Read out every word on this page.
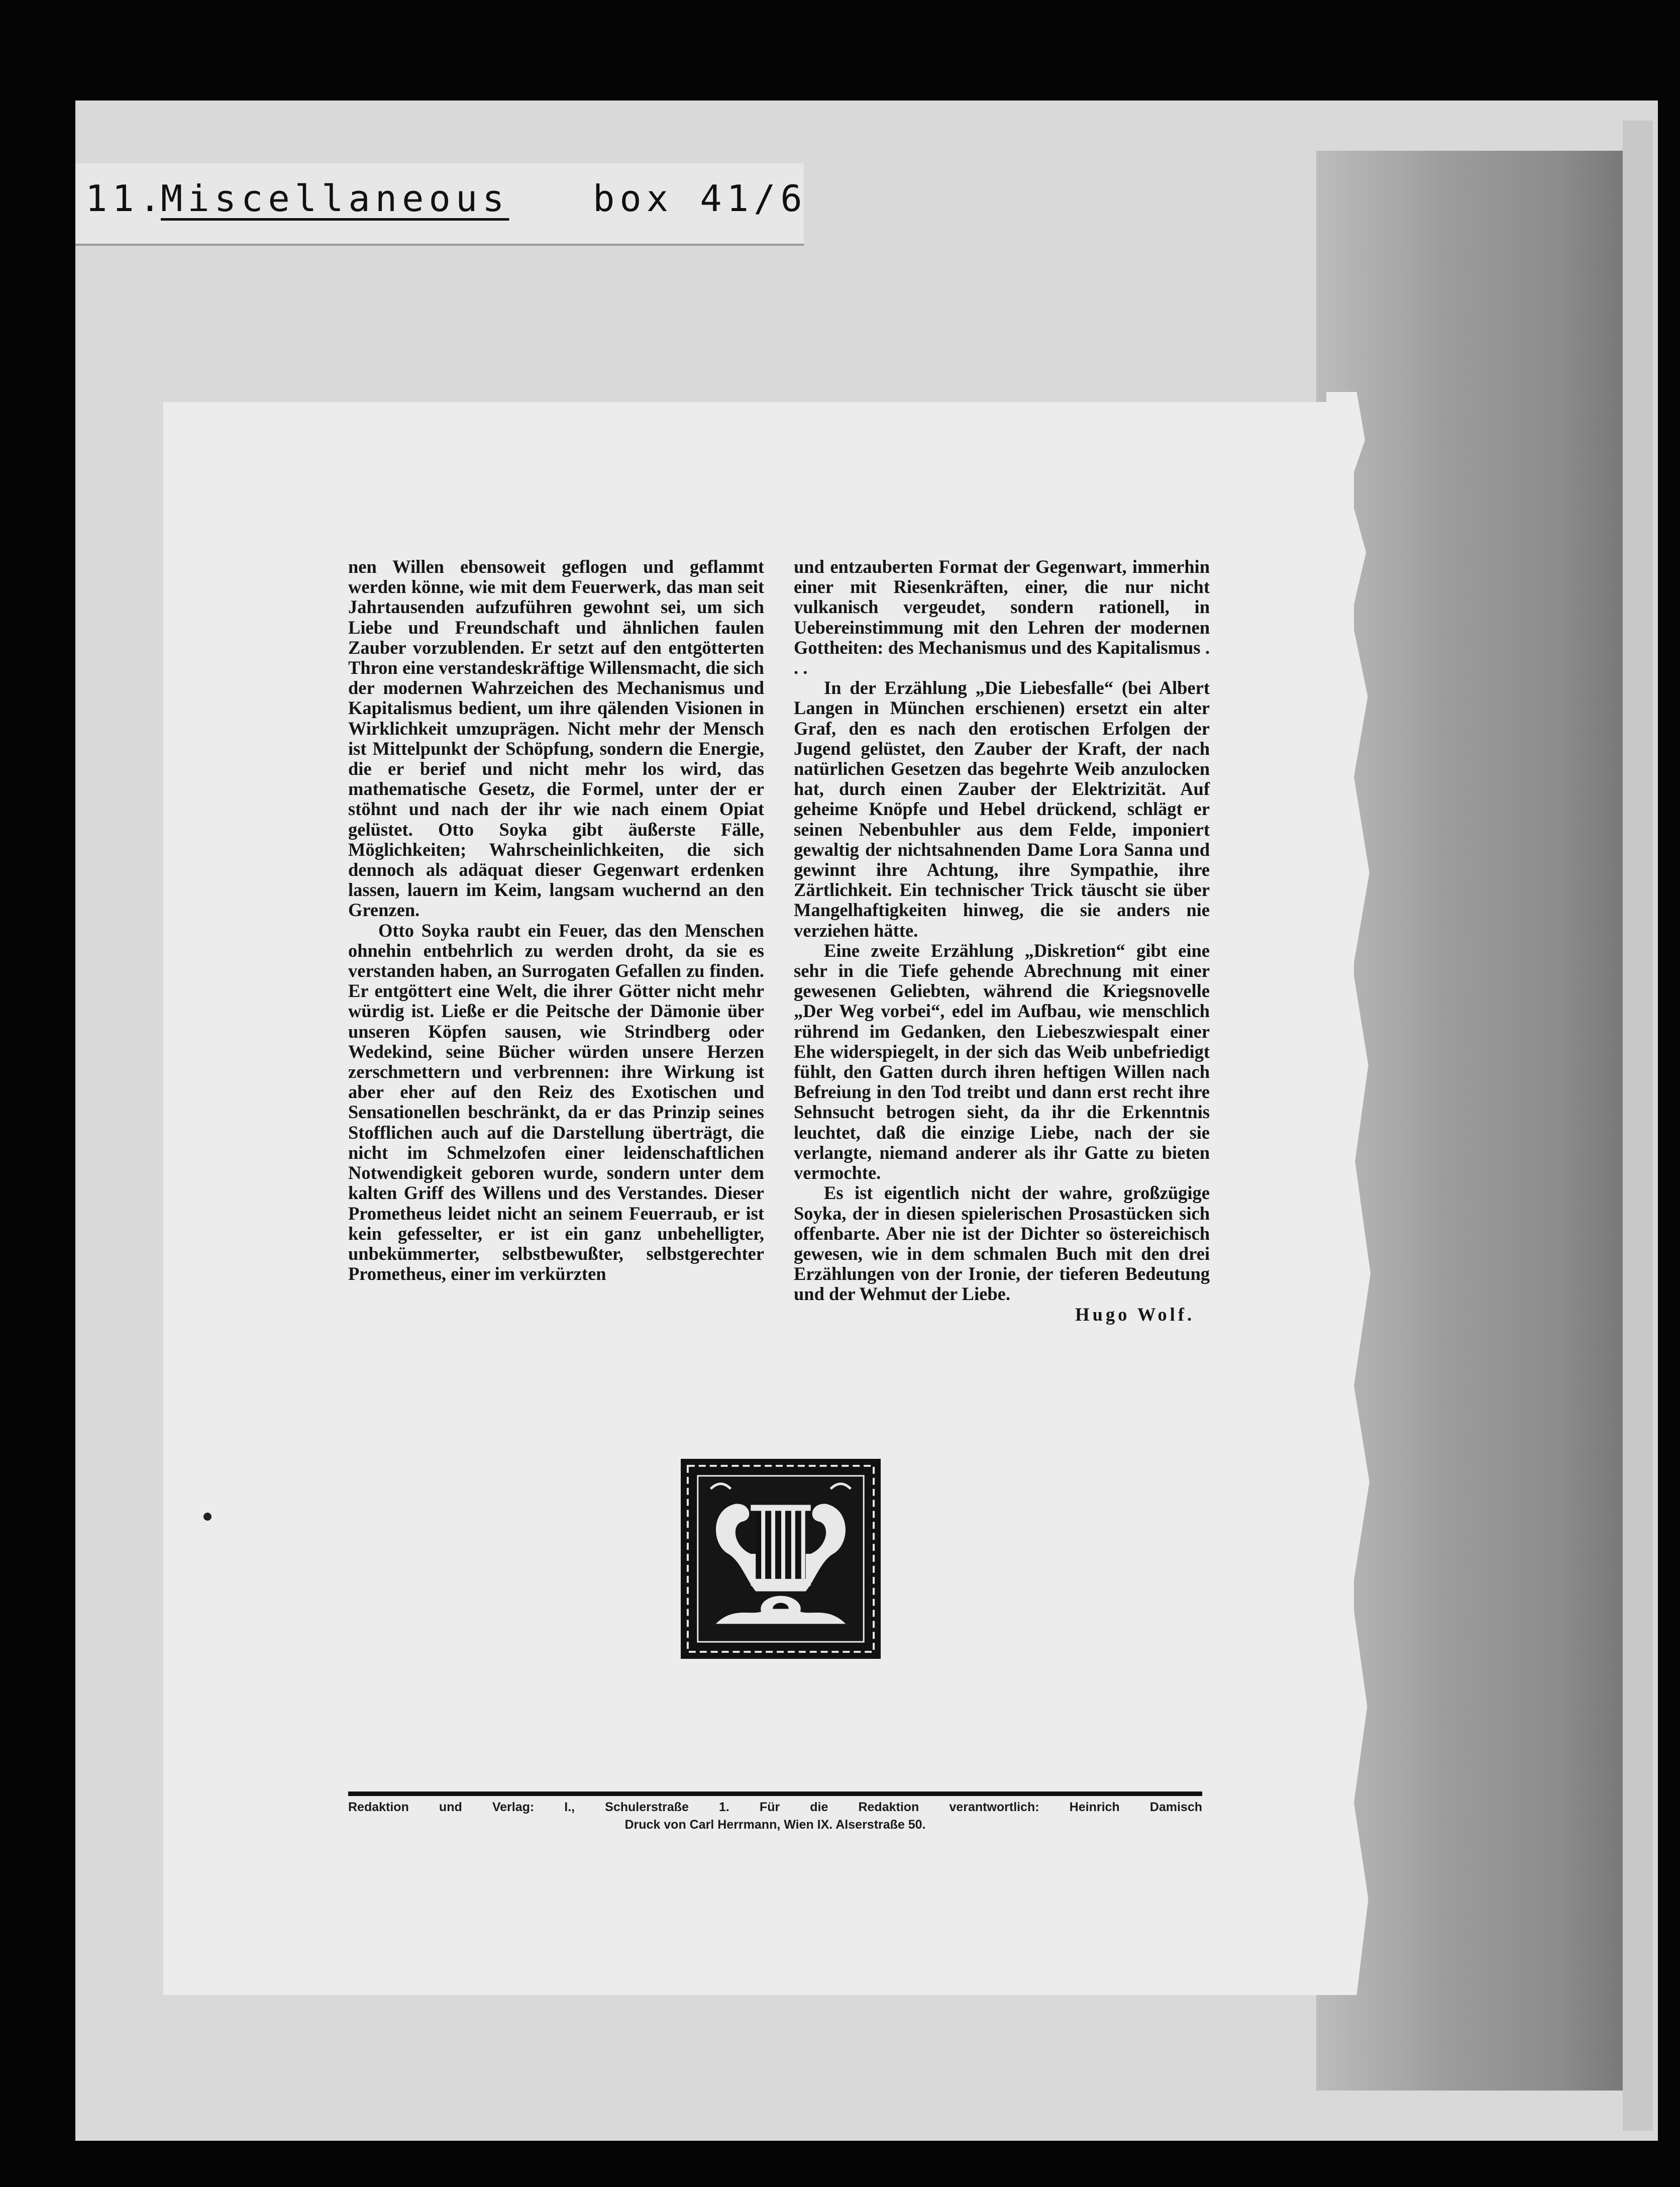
11.
Miscellaneous box 41/6

nen Willen ebensoweit geflogen und geflammt werden könne, wie mit dem Feuerwerk, das man seit Jahrtausenden aufzuführen gewohnt sei, um sich Liebe und Freundschaft und ähnlichen faulen Zauber vorzublenden. Er setzt auf den entgötterten Thron eine verstandeskräftige Willensmacht, die sich der modernen Wahrzeichen des Mechanismus und Kapitalismus bedient, um ihre qälenden Visionen in Wirklichkeit umzuprägen. Nicht mehr der Mensch ist Mittelpunkt der Schöpfung, sondern die Energie, die er berief und nicht mehr los wird, das mathematische Gesetz, die Formel, unter der er stöhnt und nach der ihr wie nach einem Opiat gelüstet. Otto Soyka gibt äußerste Fälle, Möglichkeiten; Wahrscheinlichkeiten, die sich dennoch als adäquat dieser Gegenwart erdenken lassen, lauern im Keim, langsam wuchernd an den Grenzen.

Otto Soyka raubt ein Feuer, das den Menschen ohnehin entbehrlich zu werden droht, da sie es verstanden haben, an Surrogaten Gefallen zu finden. Er entgöttert eine Welt, die ihrer Götter nicht mehr würdig ist. Ließe er die Peitsche der Dämonie über unseren Köpfen sausen, wie Strindberg oder Wedekind, seine Bücher würden unsere Herzen zerschmettern und verbrennen: ihre Wirkung ist aber eher auf den Reiz des Exotischen und Sensationellen beschränkt, da er das Prinzip seines Stofflichen auch auf die Darstellung überträgt, die nicht im Schmelzofen einer leidenschaftlichen Notwendigkeit geboren wurde, sondern unter dem kalten Griff des Willens und des Verstandes. Dieser Prometheus leidet nicht an seinem Feuerraub, er ist kein gefesselter, er ist ein ganz unbehelligter, unbekümmerter, selbstbewußter, selbstgerechter Prometheus, einer im verkürzten

und entzauberten Format der Gegenwart, immerhin einer mit Riesenkräften, einer, die nur nicht vulkanisch vergeudet, sondern rationell, in Uebereinstimmung mit den Lehren der modernen Gottheiten: des Mechanismus und des Kapitalismus . . .

In der Erzählung „Die Liebesfalle“ (bei Albert Langen in München erschienen) ersetzt ein alter Graf, den es nach den erotischen Erfolgen der Jugend gelüstet, den Zauber der Kraft, der nach natürlichen Gesetzen das begehrte Weib anzulocken hat, durch einen Zauber der Elektrizität. Auf geheime Knöpfe und Hebel drückend, schlägt er seinen Nebenbuhler aus dem Felde, imponiert gewaltig der nichtsahnenden Dame Lora Sanna und gewinnt ihre Achtung, ihre Sympathie, ihre Zärtlichkeit. Ein technischer Trick täuscht sie über Mangelhaftigkeiten hinweg, die sie anders nie verziehen hätte.

Eine zweite Erzählung „Diskretion“ gibt eine sehr in die Tiefe gehende Abrechnung mit einer gewesenen Geliebten, während die Kriegsnovelle „Der Weg vorbei“, edel im Aufbau, wie menschlich rührend im Gedanken, den Liebeszwiespalt einer Ehe widerspiegelt, in der sich das Weib unbefriedigt fühlt, den Gatten durch ihren heftigen Willen nach Befreiung in den Tod treibt und dann erst recht ihre Sehnsucht betrogen sieht, da ihr die Erkenntnis leuchtet, daß die einzige Liebe, nach der sie verlangte, niemand anderer als ihr Gatte zu bieten vermochte.

Es ist eigentlich nicht der wahre, großzügige Soyka, der in diesen spielerischen Prosastücken sich offenbarte. Aber nie ist der Dichter so östereichisch gewesen, wie in dem schmalen Buch mit den drei Erzählungen von der Ironie, der tieferen Bedeutung und der Wehmut der Liebe.

Hugo Wolf.

Redaktion und Verlag: I., Schulerstraße 1. Für die Redaktion verantwortlich: Heinrich Damisch
Druck von Carl Herrmann, Wien IX. Alserstraße 50.
